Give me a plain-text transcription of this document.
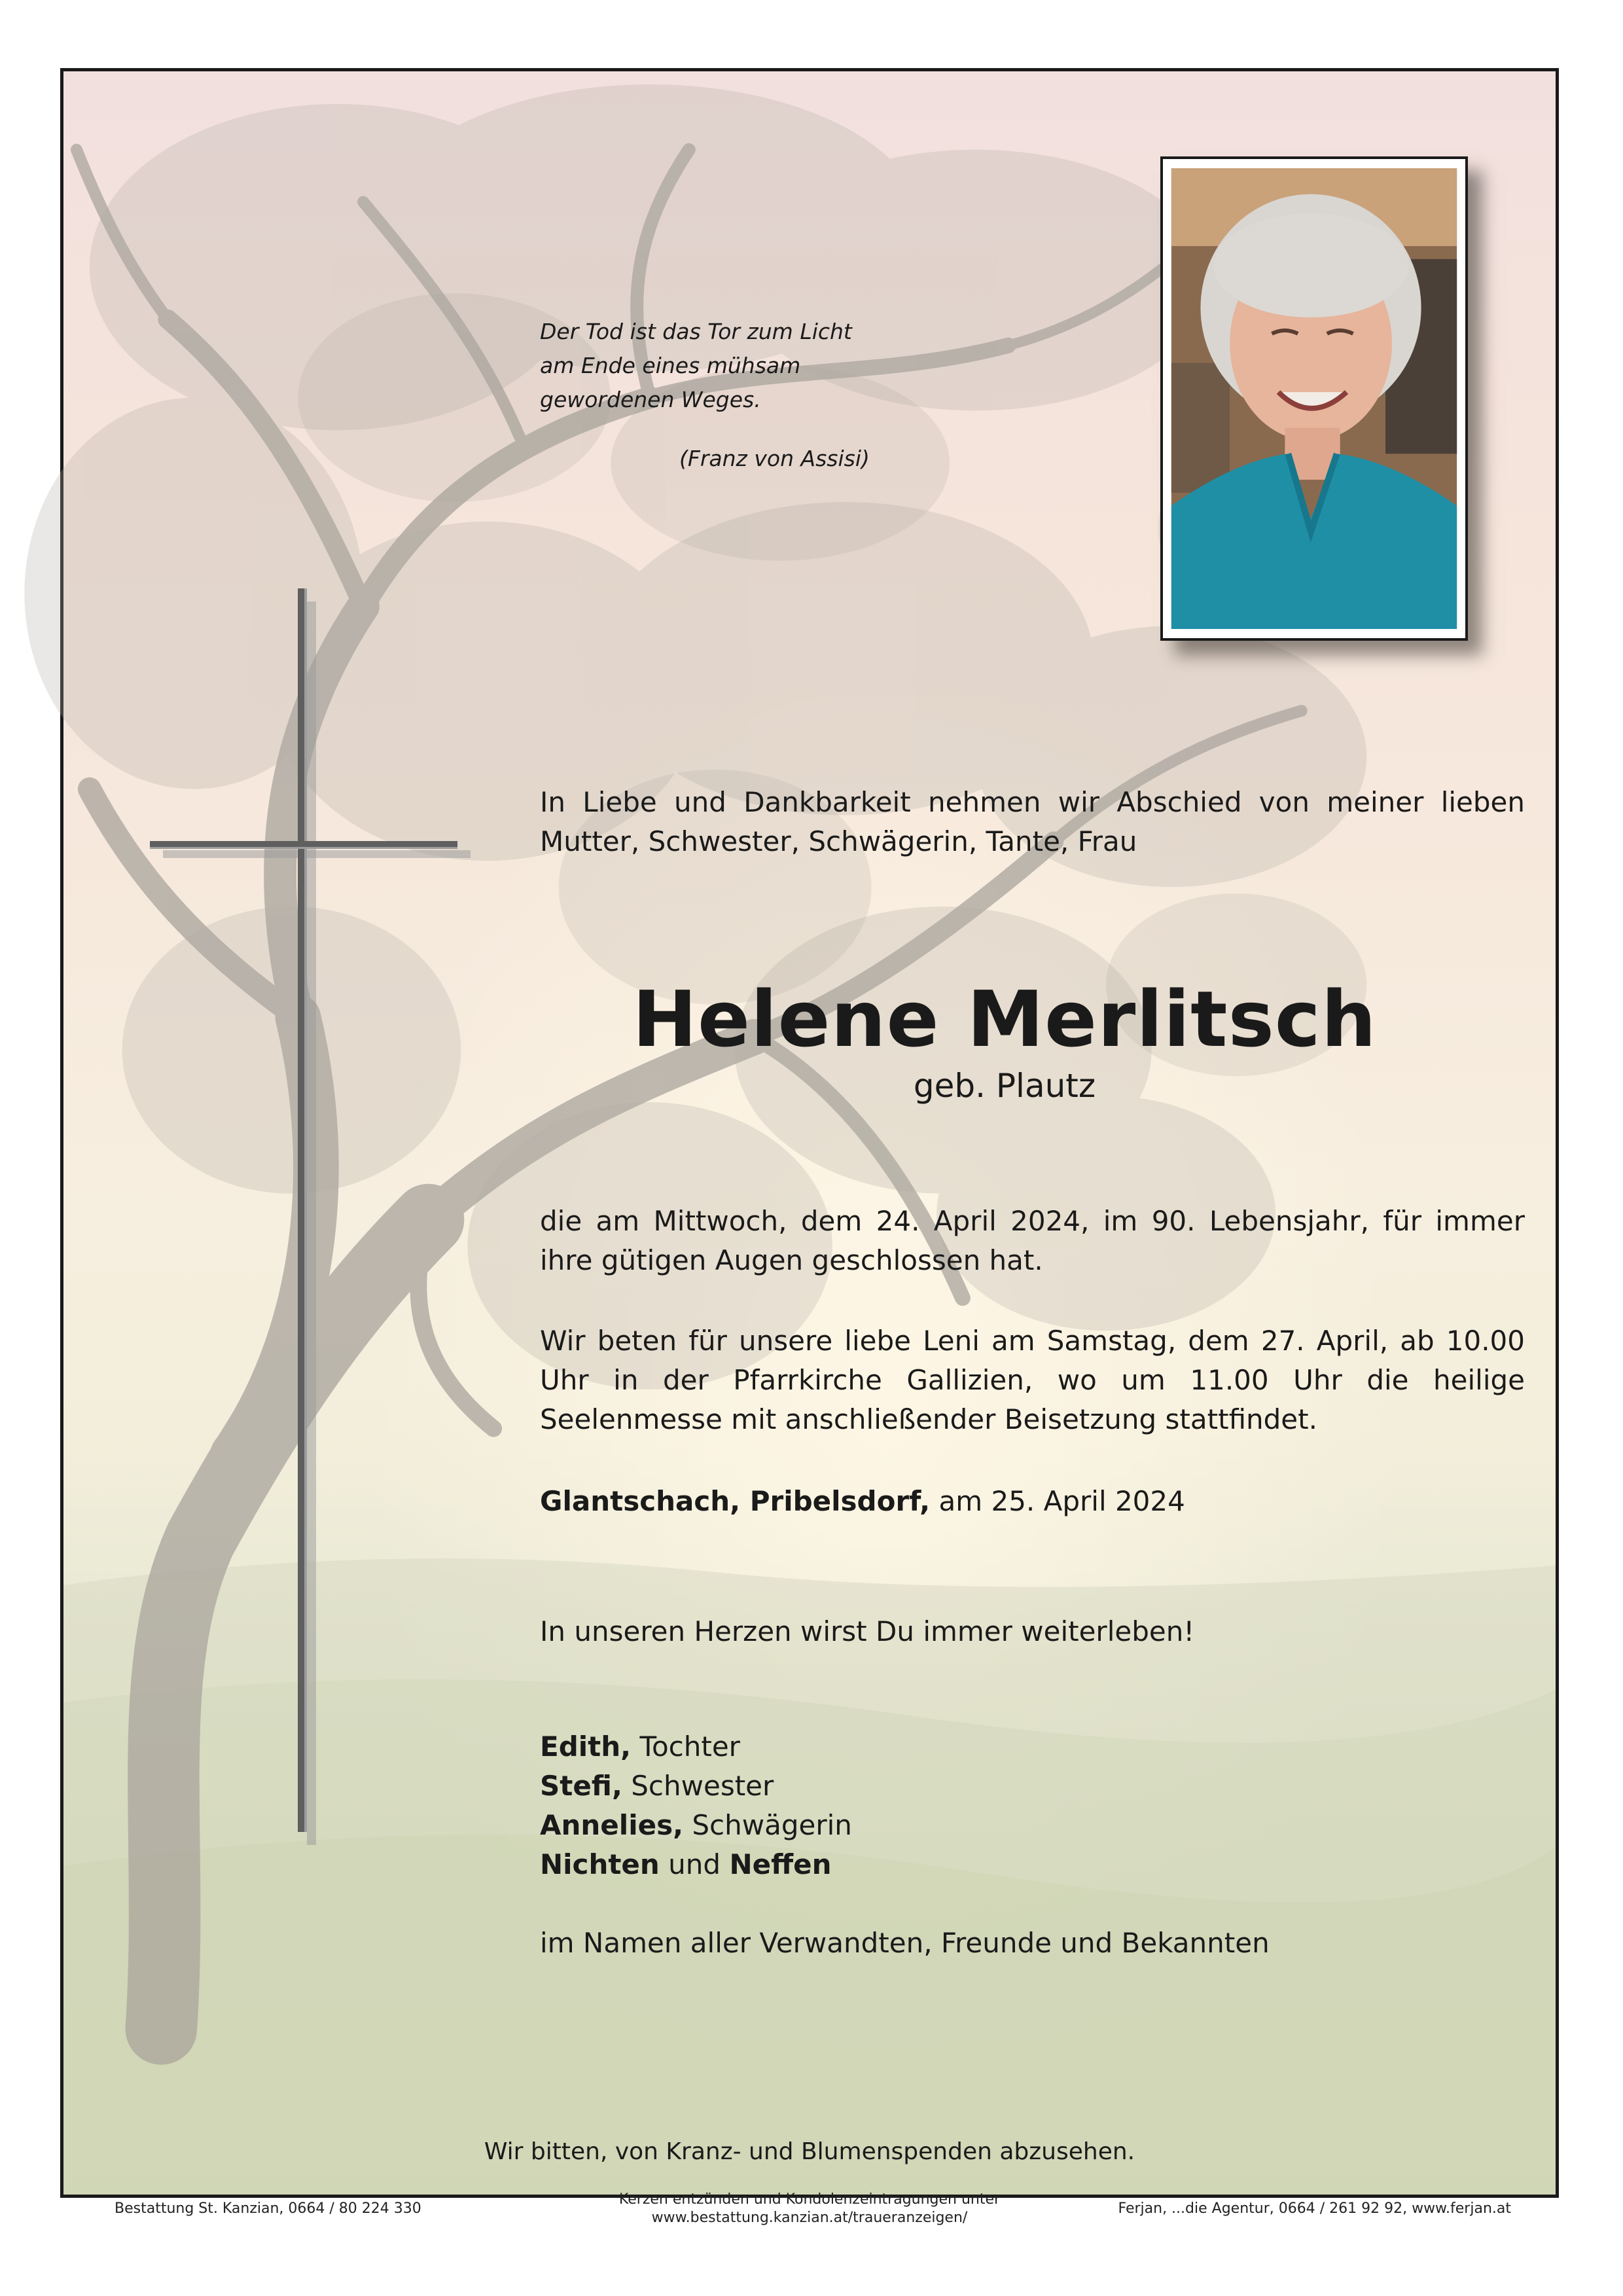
Der Tod ist das Tor zum Licht

am Ende eines mühsam

gewordenen Weges.

(Franz von Assisi)

In Liebe und Dankbarkeit nehmen wir Abschied von meiner lieben Mutter, Schwester, Schwägerin, Tante, Frau

Helene Merlitsch
geb. Plautz

die am Mittwoch, dem 24. April 2024, im 90. Lebensjahr, für immer ihre gütigen Augen geschlossen hat.

Wir beten für unsere liebe Leni am Samstag, dem 27. April, ab 10.00 Uhr in der Pfarrkirche Gallizien, wo um 11.00 Uhr die heilige Seelenmesse mit anschließender Beisetzung stattfindet.

Glantschach, Pribelsdorf, am 25. April 2024

In unseren Herzen wirst Du immer weiterleben!

Edith, Tochter
Stefi, Schwester
Annelies, Schwägerin
Nichten und Neffen
im Namen aller Verwandten, Freunde und Bekannten
Wir bitten, von Kranz- und Blumenspenden abzusehen.
Bestattung St. Kanzian, 0664 / 80 224 330
Kerzen entzünden und Kondolenzeintragungen unter
www.bestattung.kanzian.at/traueranzeigen/
Ferjan, ...die Agentur, 0664 / 261 92 92, www.ferjan.at
